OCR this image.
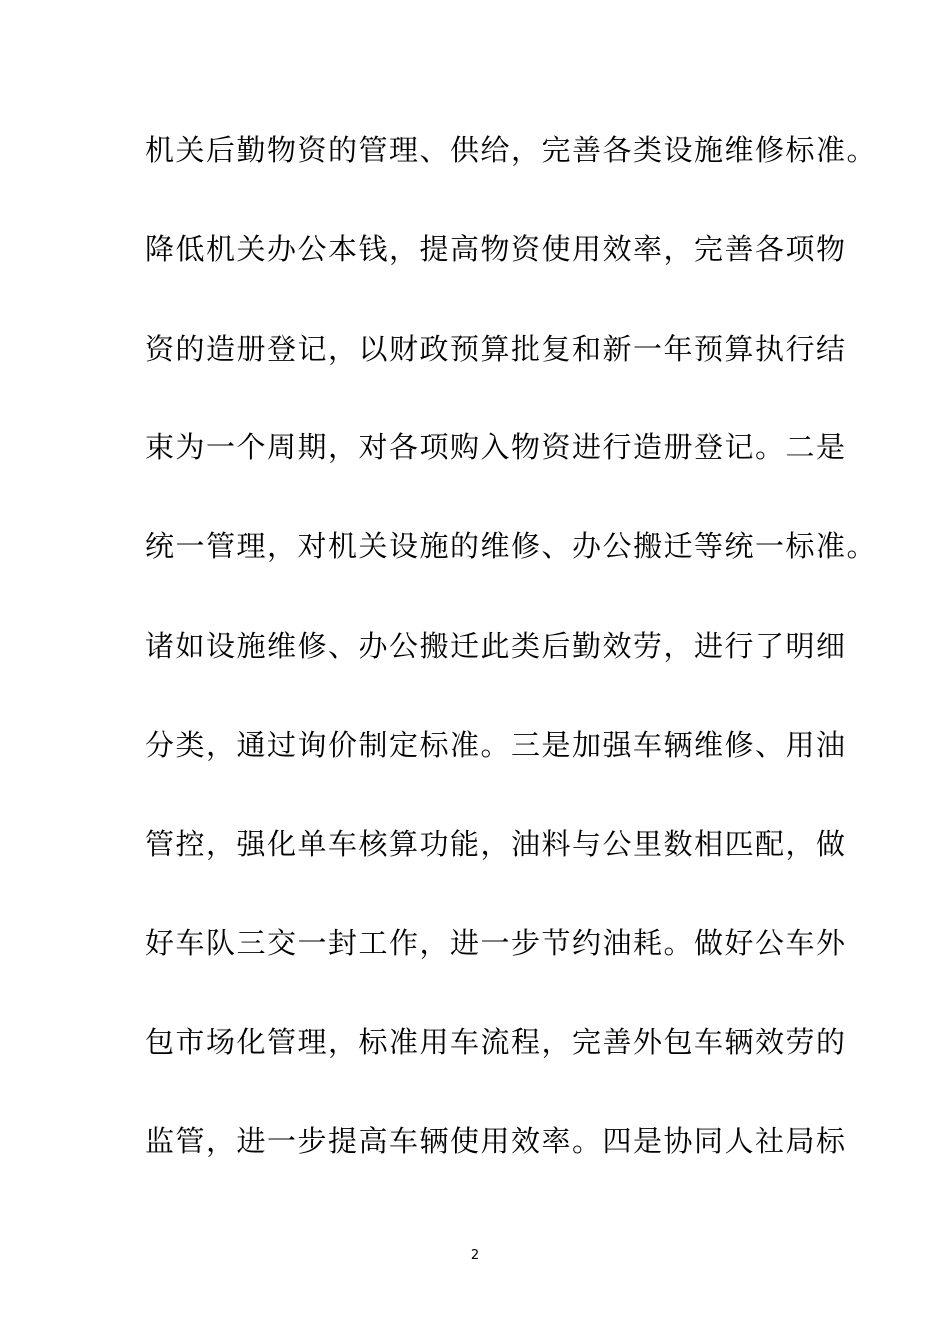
机关后勤物资的管理、供给，完善各类设施维修标准。
降低机关办公本钱，提高物资使用效率，完善各项物
资的造册登记，以财政预算批复和新一年预算执行结
束为一个周期，对各项购入物资进行造册登记。二是
统一管理，对机关设施的维修、办公搬迁等统一标准。
诸如设施维修、办公搬迁此类后勤效劳，进行了明细
分类，通过询价制定标准。三是加强车辆维修、用油
管控，强化单车核算功能，油料与公里数相匹配，做
好车队三交一封工作，进一步节约油耗。做好公车外
包市场化管理，标准用车流程，完善外包车辆效劳的
监管，进一步提高车辆使用效率。四是协同人社局标
2
